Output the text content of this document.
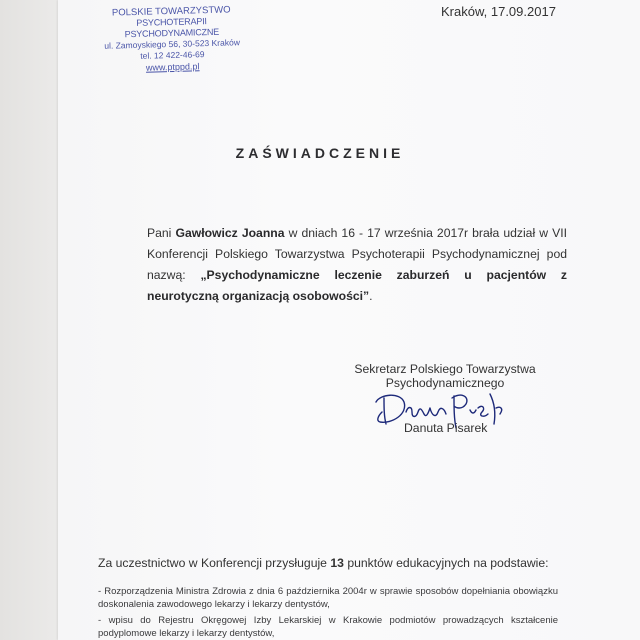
POLSKIE TOWARZYSTWO
PSYCHOTERAPII PSYCHODYNAMICZNE
ul. Zamoyskiego 56, 30-523 Kraków
tel. 12 422-46-69
www.ptppd.pl
Kraków, 17.09.2017
ZAŚWIADCZENIE

Pani Gawłowicz Joanna w dniach 16 - 17 września 2017r brała udział w VII Konferencji Polskiego Towarzystwa Psychoterapii Psychodynamicznej pod nazwą: „Psychodynamiczne leczenie zaburzeń u pacjentów z neurotyczną organizacją osobowości”.

Sekretarz Polskiego Towarzystwa
Psychodynamicznego
Danuta Pisarek
Za uczestnictwo w Konferencji przysługuje 13 punktów edukacyjnych na podstawie:
- Rozporządzenia Ministra Zdrowia z dnia 6 października 2004r w sprawie sposobów dopełniania obowiązku doskonalenia zawodowego lekarzy i lekarzy dentystów,
- wpisu do Rejestru Okręgowej Izby Lekarskiej w Krakowie podmiotów prowadzących kształcenie podyplomowe lekarzy i lekarzy dentystów,
